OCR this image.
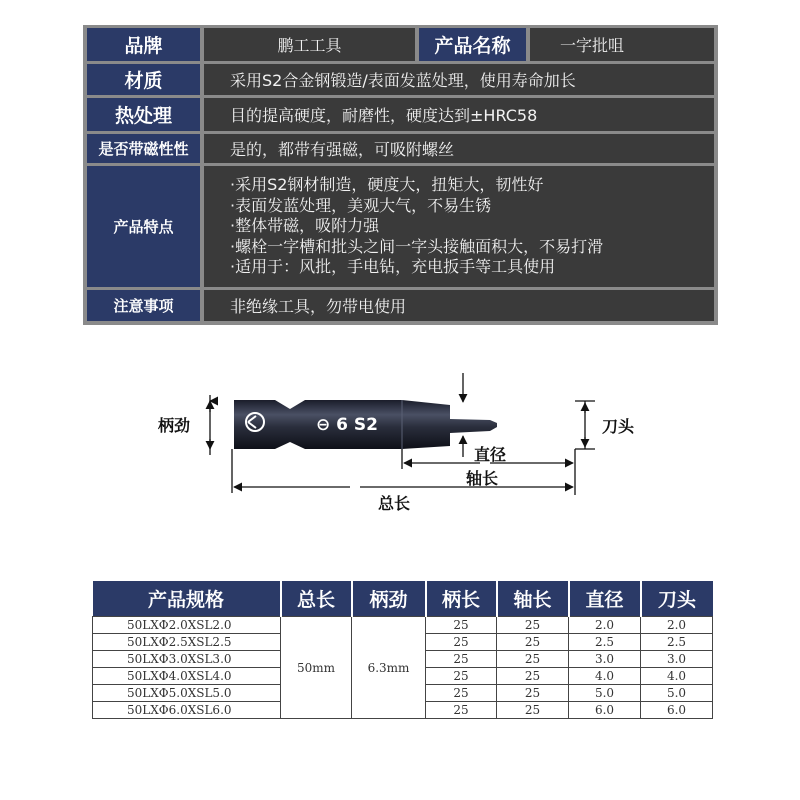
品牌	鹏工工具	产品名称	一字批咀
材质	采用S2合金钢锻造/表面发蓝处理，使用寿命加长
热处理	目的提高硬度，耐磨性，硬度达到±HRC58
是否带磁性性	是的，都带有强磁，可吸附螺丝
产品特点
·采用S2钢材制造，硬度大，扭矩大，韧性好
·表面发蓝处理，美观大气，不易生锈
·整体带磁，吸附力强
·螺栓一字槽和批头之间一字头接触面积大，不易打滑
·适用于：风批，手电钻，充电扳手等工具使用
注意事项	非绝缘工具，勿带电使用
⊖ 6 S2
柄劲	刀头
直径
轴长
总长
产品规格	总长	柄劲	柄长	轴长	直径	刀头
50LXΦ2.0XSL2.0	50mm	6.3mm	25	25	2.0	2.0
50LXΦ2.5XSL2.5			25	25	2.5	2.5
50LXΦ3.0XSL3.0			25	25	3.0	3.0
50LXΦ4.0XSL4.0			25	25	4.0	4.0
50LXΦ5.0XSL5.0			25	25	5.0	5.0
50LXΦ6.0XSL6.0			25	25	6.0	6.0
